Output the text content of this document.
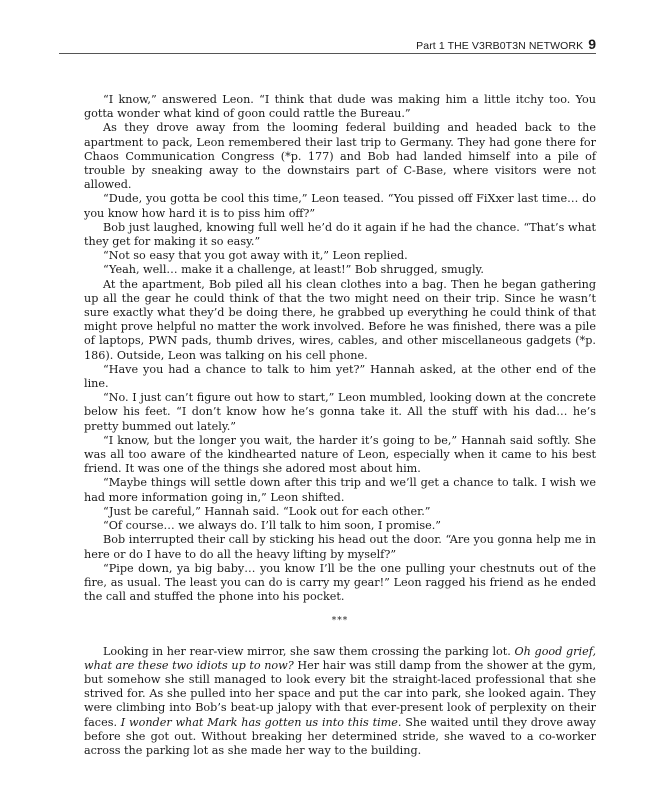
Part 1 THE V3RB0T3N NETWORK 9

“I know,” answered Leon. “I think that dude was making him a little itchy too. You gotta wonder what kind of goon could rattle the Bureau.”

As they drove away from the looming federal building and headed back to the apartment to pack, Leon remembered their last trip to Germany. They had gone there for Chaos Communication Congress (*p. 177) and Bob had landed himself into a pile of trouble by sneaking away to the downstairs part of C-Base, where visitors were not allowed.

“Dude, you gotta be cool this time,” Leon teased. “You pissed off FiXxer last time… do you know how hard it is to piss him off?”

Bob just laughed, knowing full well he’d do it again if he had the chance. “That’s what they get for making it so easy.”

“Not so easy that you got away with it,” Leon replied.

“Yeah, well… make it a challenge, at least!” Bob shrugged, smugly.

At the apartment, Bob piled all his clean clothes into a bag. Then he began gathering up all the gear he could think of that the two might need on their trip. Since he wasn’t sure exactly what they’d be doing there, he grabbed up everything he could think of that might prove helpful no matter the work involved. Before he was finished, there was a pile of laptops, PWN pads, thumb drives, wires, cables, and other miscellaneous gadgets (*p. 186). Outside, Leon was talking on his cell phone.

“Have you had a chance to talk to him yet?” Hannah asked, at the other end of the line.

“No. I just can’t figure out how to start,” Leon mumbled, looking down at the concrete below his feet. “I don’t know how he’s gonna take it. All the stuff with his dad… he’s pretty bummed out lately.”

“I know, but the longer you wait, the harder it’s going to be,” Hannah said softly. She was all too aware of the kindhearted nature of Leon, especially when it came to his best friend. It was one of the things she adored most about him.

“Maybe things will settle down after this trip and we’ll get a chance to talk. I wish we had more information going in,” Leon shifted.

“Just be careful,” Hannah said. “Look out for each other.”

“Of course… we always do. I’ll talk to him soon, I promise.”

Bob interrupted their call by sticking his head out the door. “Are you gonna help me in here or do I have to do all the heavy lifting by myself?”

“Pipe down, ya big baby… you know I’ll be the one pulling your chestnuts out of the fire, as usual. The least you can do is carry my gear!” Leon ragged his friend as he ended the call and stuffed the phone into his pocket.

***

Looking in her rear-view mirror, she saw them crossing the parking lot. Oh good grief, what are these two idiots up to now? Her hair was still damp from the shower at the gym, but somehow she still managed to look every bit the straight-laced professional that she strived for. As she pulled into her space and put the car into park, she looked again. They were climbing into Bob’s beat-up jalopy with that ever-present look of perplexity on their faces. I wonder what Mark has gotten us into this time. She waited until they drove away before she got out. Without breaking her determined stride, she waved to a co-worker across the parking lot as she made her way to the building.
